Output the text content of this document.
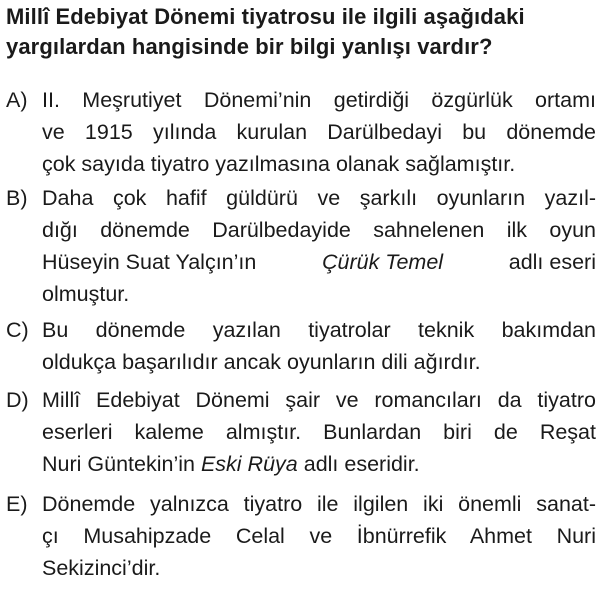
Millî Edebiyat Dönemi tiyatrosu ile ilgili aşağıdaki
yargılardan hangisinde bir bilgi yanlışı vardır?
A) II. Meşrutiyet Dönemi’nin getirdiği özgürlük ortamı
ve 1915 yılında kurulan Darülbedayi bu dönemde
çok sayıda tiyatro yazılmasına olanak sağlamıştır.
B) Daha çok hafif güldürü ve şarkılı oyunların yazıl-
dığı dönemde Darülbedayide sahnelenen ilk oyun
Hüseyin Suat Yalçın’ın	Çürük Temel	adlı eseri
olmuştur.
C) Bu dönemde yazılan tiyatrolar teknik bakımdan
oldukça başarılıdır ancak oyunların dili ağırdır.
D) Millî Edebiyat Dönemi şair ve romancıları da tiyatro
eserleri kaleme almıştır. Bunlardan biri de Reşat
Nuri Güntekin’in Eski Rüya adlı eseridir.
E) Dönemde yalnızca tiyatro ile ilgilen iki önemli sanat-
çı Musahipzade Celal ve İbnürrefik Ahmet Nuri
Sekizinci’dir.
